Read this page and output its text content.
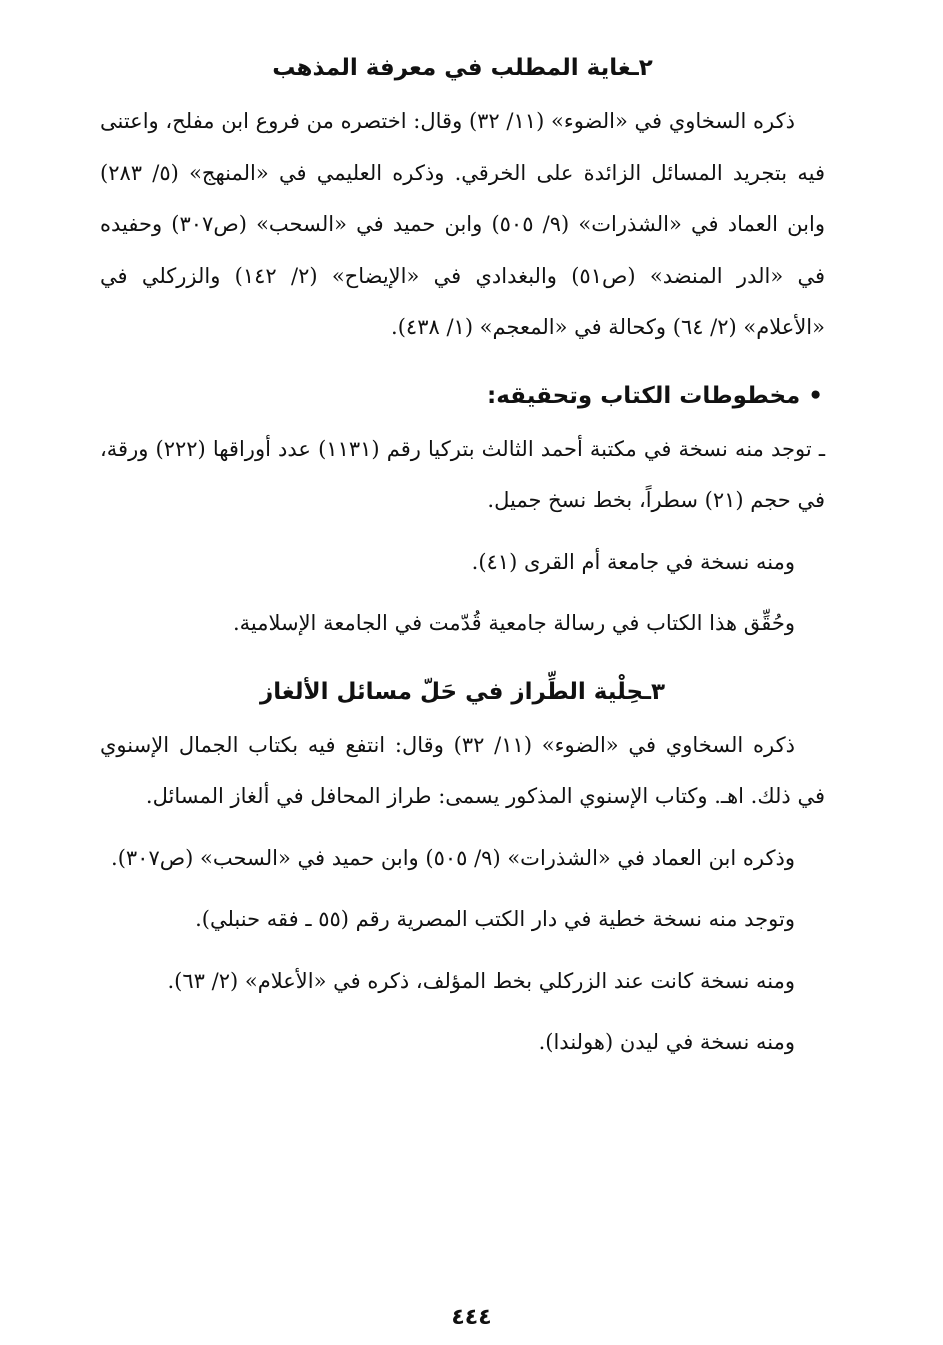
٢ـغاية المطلب في معرفة المذهب

ذكره السخاوي في «الضوء» (١١/ ٣٢) وقال: اختصره من فروع ابن مفلح، واعتنى فيه بتجريد المسائل الزائدة على الخرقي. وذكره العليمي في «المنهج» (٥/ ٢٨٣) وابن العماد في «الشذرات» (٩/ ٥٠٥) وابن حميد في «السحب» (ص٣٠٧) وحفيده في «الدر المنضد» (ص٥١) والبغدادي في «الإيضاح» (٢/ ١٤٢) والزركلي في «الأعلام» (٢/ ٦٤) وكحالة في «المعجم» (١/ ٤٣٨).

• مخطوطات الكتاب وتحقيقه:

ـ توجد منه نسخة في مكتبة أحمد الثالث بتركيا رقم (١١٣١) عدد أوراقها (٢٢٢) ورقة، في حجم (٢١) سطراً، بخط نسخ جميل.

ومنه نسخة في جامعة أم القرى (٤١).

وحُقِّق هذا الكتاب في رسالة جامعية قُدّمت في الجامعة الإسلامية.

٣ـحِلْية الطِّراز في حَلّ مسائل الألغاز

ذكره السخاوي في «الضوء» (١١/ ٣٢) وقال: انتفع فيه بكتاب الجمال الإسنوي في ذلك. اهـ. وكتاب الإسنوي المذكور يسمى: طراز المحافل في ألغاز المسائل.

وذكره ابن العماد في «الشذرات» (٩/ ٥٠٥) وابن حميد في «السحب» (ص٣٠٧).

وتوجد منه نسخة خطية في دار الكتب المصرية رقم (٥٥ ـ فقه حنبلي).

ومنه نسخة كانت عند الزركلي بخط المؤلف، ذكره في «الأعلام» (٢/ ٦٣).

ومنه نسخة في ليدن (هولندا).

٤٤٤
